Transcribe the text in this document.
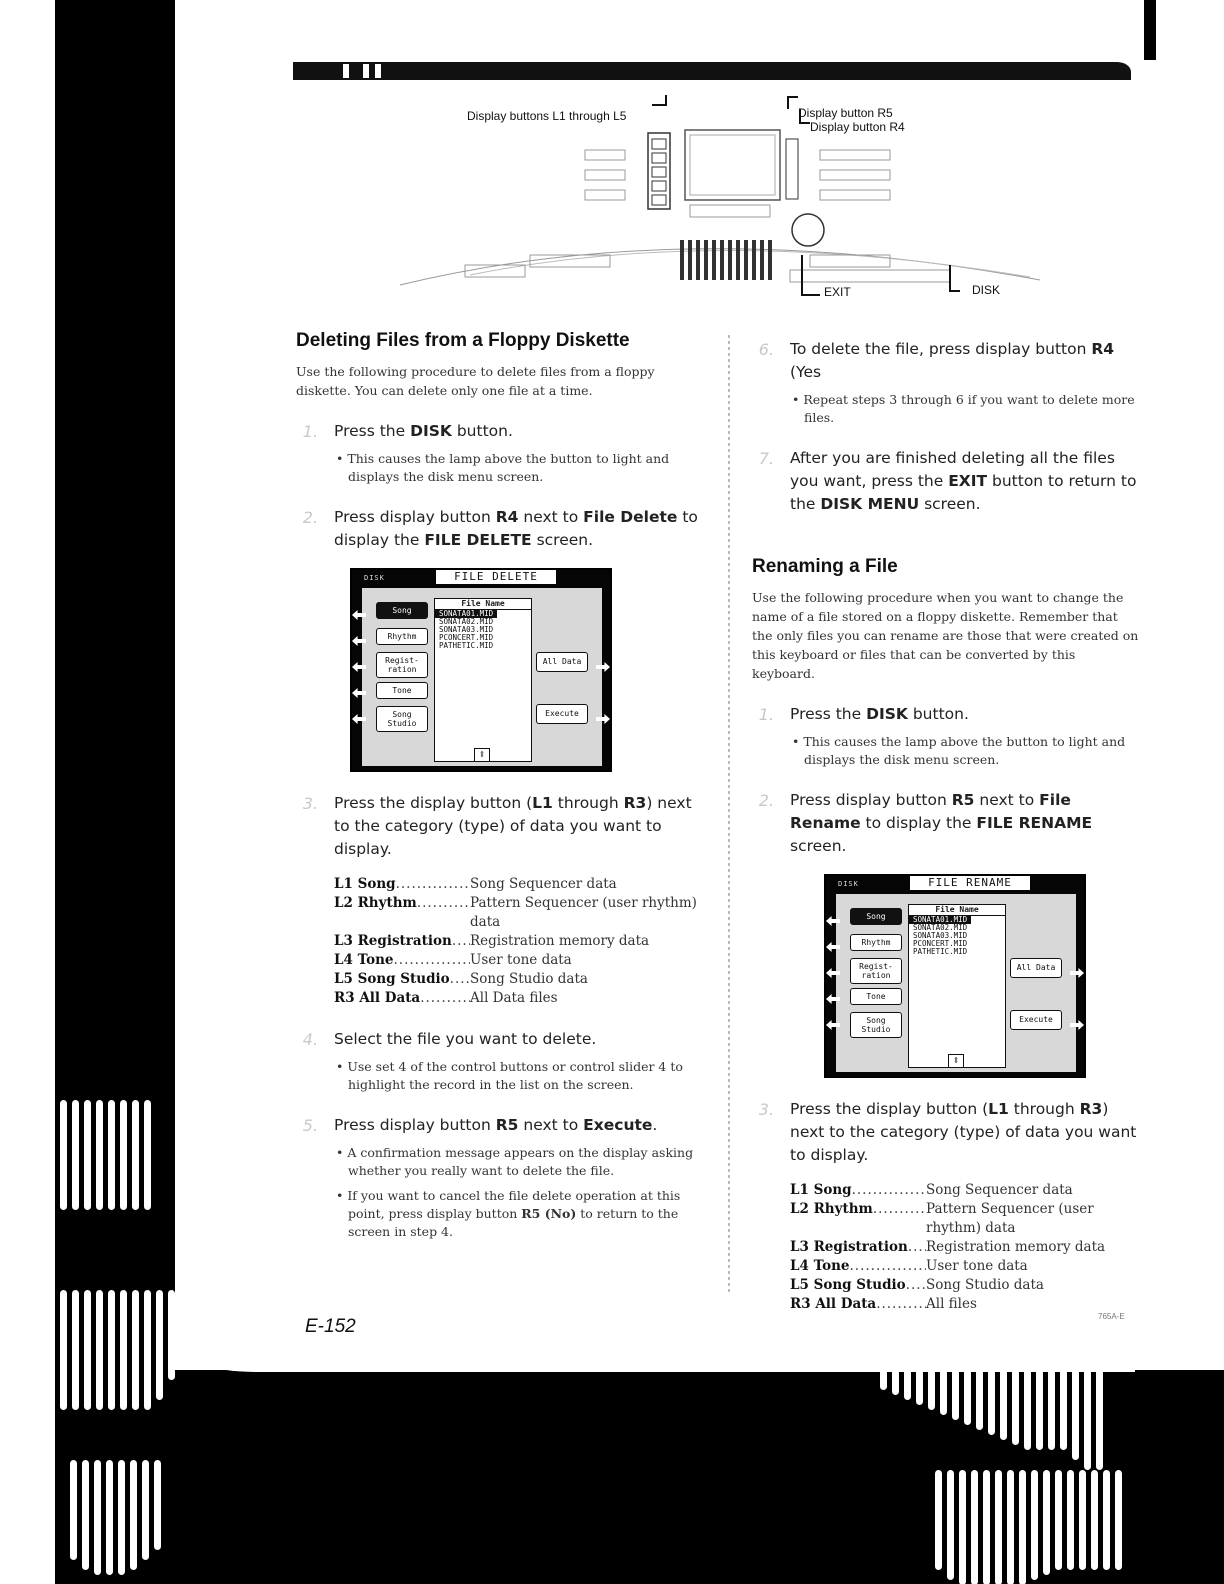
Display buttons L1 through L5	Display button R5
Display button R4
EXIT	DISK
Deleting Files from a Floppy Diskette

Use the following procedure to delete files from a floppy diskette. You can delete only one file at a time.

1. Press the DISK button.

• This causes the lamp above the button to light and displays the disk menu screen.

2. Press display button R4 next to File Delete to display the FILE DELETE screen.

DISK	FILE DELETE
Song
Rhythm
Regist-
ration
Tone
Song
Studio
File Name
SONATA01.MID
SONATA02.MID
SONATA03.MID
PCONCERT.MID
PATHETIC.MID
⇕
All Data
Execute
3. Press the display button (L1 through R3) next to the category (type) of data you want to display.

L1 Song .....	Song Sequencer data
L2 Rhythm .....	Pattern Sequencer (user rhythm) data
L3 Registration ..... Registration memory data
L4 Tone .....	User tone data
L5 Song Studio ..... Song Studio data
R3 All Data .....	All Data files
4. Select the file you want to delete.

• Use set 4 of the control buttons or control slider 4 to highlight the record in the list on the screen.

5. Press display button R5 next to Execute.

• A confirmation message appears on the display asking whether you really want to delete the file.

• If you want to cancel the file delete operation at this point, press display button R5 (No) to return to the screen in step 4.

6. To delete the file, press display button R4 (Yes

• Repeat steps 3 through 6 if you want to delete more files.

7. After you are finished deleting all the files you want, press the EXIT button to return to the DISK MENU screen.

Renaming a File

Use the following procedure when you want to change the name of a file stored on a floppy diskette. Remember that the only files you can rename are those that were created on this keyboard or files that can be converted by this keyboard.

1. Press the DISK button.

• This causes the lamp above the button to light and displays the disk menu screen.

2. Press display button R5 next to File Rename to display the FILE RENAME screen.

DISK	FILE RENAME
Song
Rhythm
Regist-
ration
Tone
Song
Studio
File Name
SONATA01.MID
SONATA02.MID
SONATA03.MID
PCONCERT.MID
PATHETIC.MID
⇕
All Data
Execute
3. Press the display button (L1 through R3) next to the category (type) of data you want to display.

L1 Song .....	Song Sequencer data
L2 Rhythm .....	Pattern Sequencer (user rhythm) data
L3 Registration ..... Registration memory data
L4 Tone .....	User tone data
L5 Song Studio ..... Song Studio data
R3 All Data .....	All files
E-152	765A-E
